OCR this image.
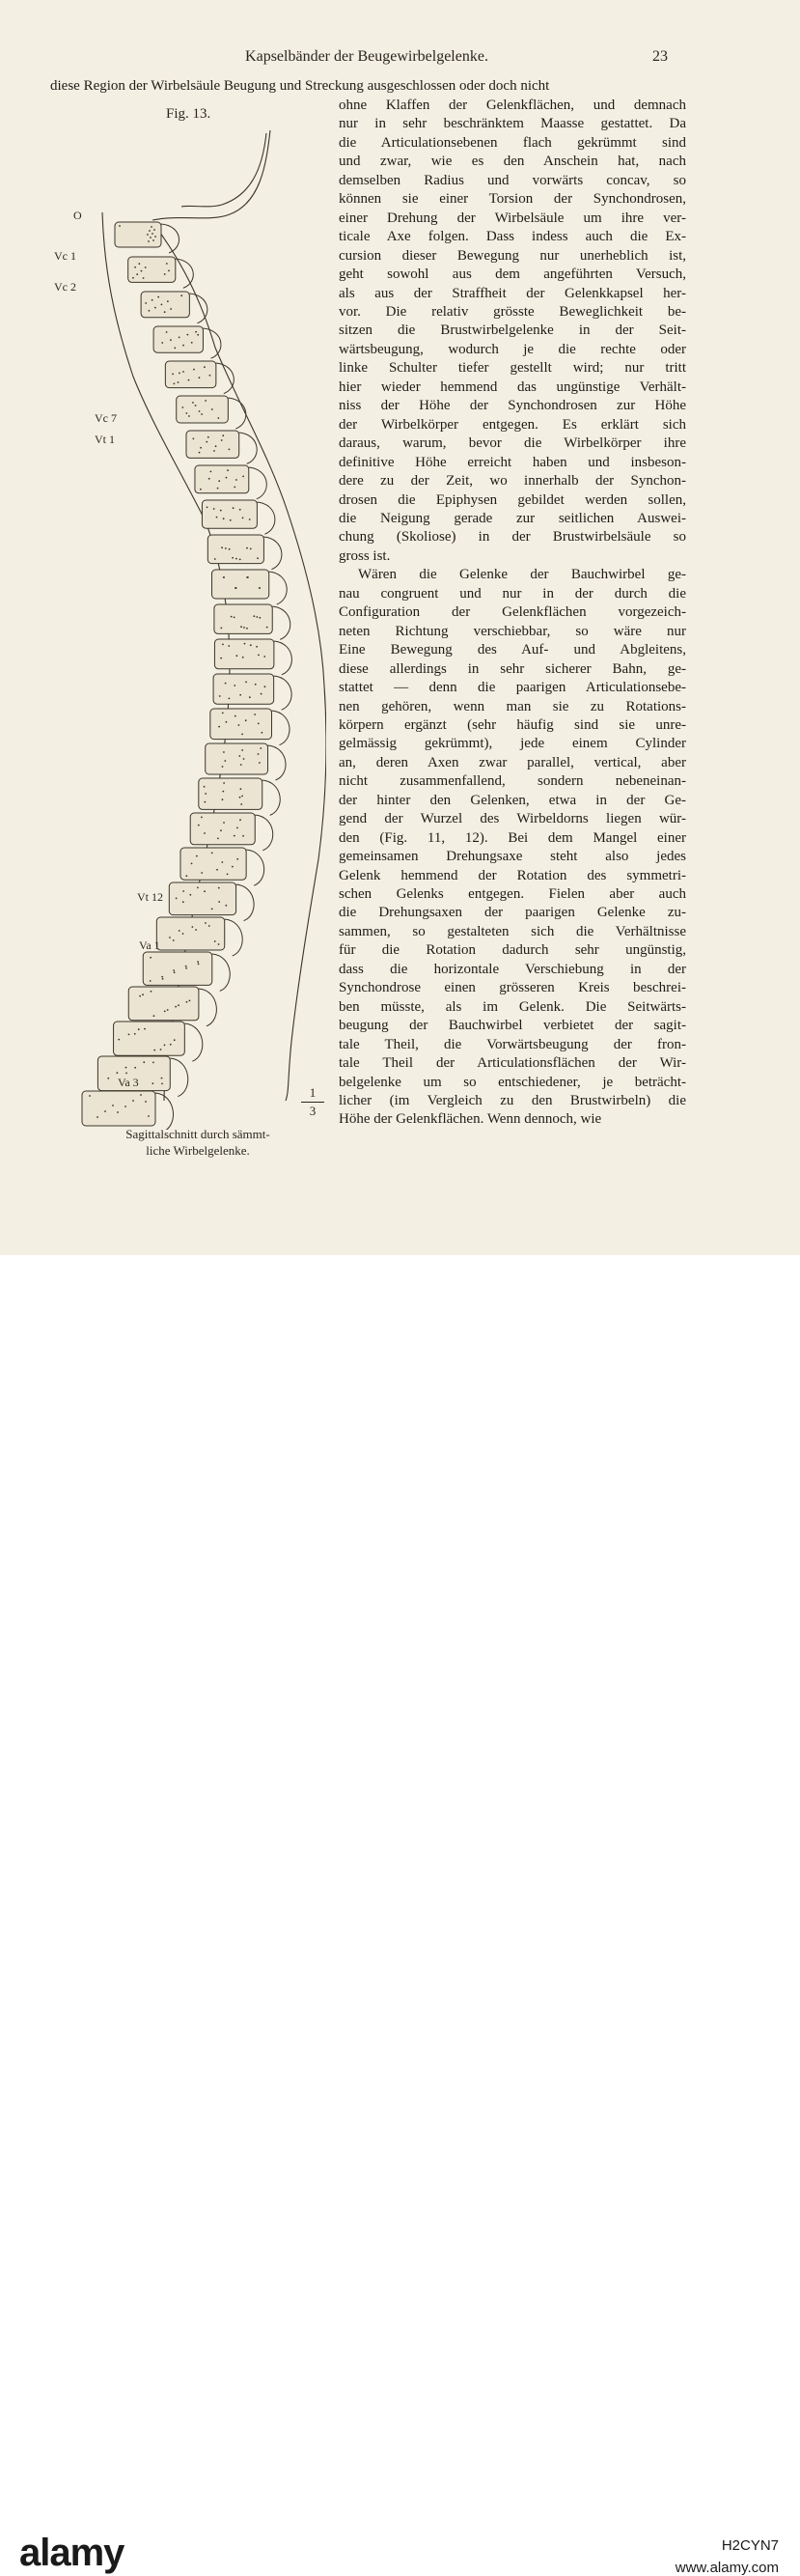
Kapselbänder der Beugewirbelgelenke.	23
diese Region der Wirbelsäule Beugung und Streckung ausgeschlossen oder doch nicht
Fig. 13.
O
Vc 1
Vc 2
Vc 7
Vt 1
Vt 12
Va 1
Va 3
1
3
Sagittalschnitt durch sämmt-
liche Wirbelgelenke.
ohne Klaffen der Gelenkflächen, und demnach
nur in sehr beschränktem Maasse gestattet. Da
die Articulationsebenen flach gekrümmt sind
und zwar, wie es den Anschein hat, nach
demselben Radius und vorwärts concav, so
können sie einer Torsion der Synchondrosen,
einer Drehung der Wirbelsäule um ihre ver-
ticale Axe folgen. Dass indess auch die Ex-
cursion dieser Bewegung nur unerheblich ist,
geht sowohl aus dem angeführten Versuch,
als aus der Straffheit der Gelenkkapsel her-
vor. Die relativ grösste Beweglichkeit be-
sitzen die Brustwirbelgelenke in der Seit-
wärtsbeugung, wodurch je die rechte oder
linke Schulter tiefer gestellt wird; nur tritt
hier wieder hemmend das ungünstige Verhält-
niss der Höhe der Synchondrosen zur Höhe
der Wirbelkörper entgegen. Es erklärt sich
daraus, warum, bevor die Wirbelkörper ihre
definitive Höhe erreicht haben und insbeson-
dere zu der Zeit, wo innerhalb der Synchon-
drosen die Epiphysen gebildet werden sollen,
die Neigung gerade zur seitlichen Auswei-
chung (Skoliose) in der Brustwirbelsäule so
gross ist.
Wären die Gelenke der Bauchwirbel ge-
nau congruent und nur in der durch die
Configuration der Gelenkflächen vorgezeich-
neten Richtung verschiebbar, so wäre nur
Eine Bewegung des Auf- und Abgleitens,
diese allerdings in sehr sicherer Bahn, ge-
stattet — denn die paarigen Articulationsebe-
nen gehören, wenn man sie zu Rotations-
körpern ergänzt (sehr häufig sind sie unre-
gelmässig gekrümmt), jede einem Cylinder
an, deren Axen zwar parallel, vertical, aber
nicht zusammenfallend, sondern nebeneinan-
der hinter den Gelenken, etwa in der Ge-
gend der Wurzel des Wirbeldorns liegen wür-
den (Fig. 11, 12). Bei dem Mangel einer
gemeinsamen Drehungsaxe steht also jedes
Gelenk hemmend der Rotation des symmetri-
schen Gelenks entgegen. Fielen aber auch
die Drehungsaxen der paarigen Gelenke zu-
sammen, so gestalteten sich die Verhältnisse
für die Rotation dadurch sehr ungünstig,
dass die horizontale Verschiebung in der
Synchondrose einen grösseren Kreis beschrei-
ben müsste, als im Gelenk. Die Seitwärts-
beugung der Bauchwirbel verbietet der sagit-
tale Theil, die Vorwärtsbeugung der fron-
tale Theil der Articulationsflächen der Wir-
belgelenke um so entschiedener, je beträcht-
licher (im Vergleich zu den Brustwirbeln) die
Höhe der Gelenkflächen. Wenn dennoch, wie
alamy	H2CYN7
www.alamy.com
